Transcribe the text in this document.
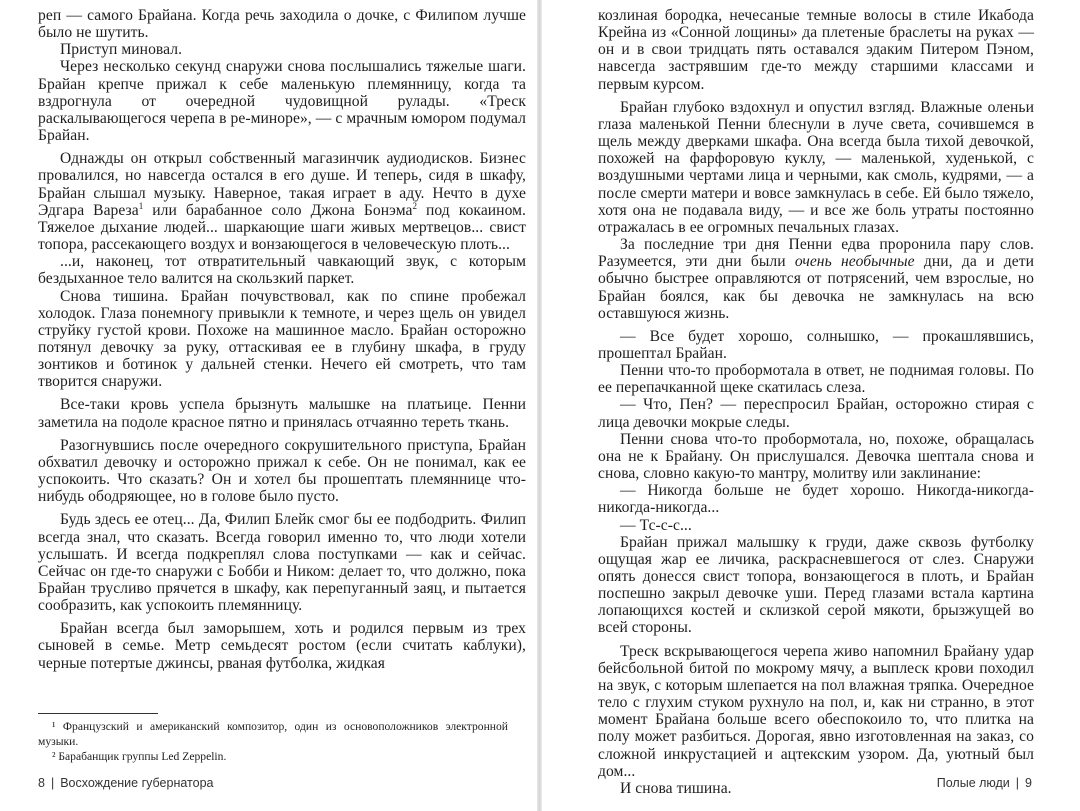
реп — самого Брайана. Когда речь заходила о дочке, с Филипом лучше было не шутить.

Приступ миновал.

Через несколько секунд снаружи снова послышались тяжелые шаги. Брайан крепче прижал к себе маленькую племянницу, когда та вздрогнула от очередной чудовищной рулады. «Треск раскалывающегося черепа в ре-миноре», — с мрачным юмором подумал Брайан.

Однажды он открыл собственный магазинчик аудиодисков. Бизнес провалился, но навсегда остался в его душе. И теперь, сидя в шкафу, Брайан слышал музыку. Наверное, такая играет в аду. Нечто в духе Эдгара Вареза$^1$ или барабанное соло Джона Бонэма$^2$ под кокаином. Тяжелое дыхание людей... шаркающие шаги живых мертвецов... свист топора, рассекающего воздух и вонзающегося в человеческую плоть...

...и, наконец, тот отвратительный чавкающий звук, с которым бездыханное тело валится на скользкий паркет.

Снова тишина. Брайан почувствовал, как по спине пробежал холодок. Глаза понемногу привыкли к темноте, и через щель он увидел струйку густой крови. Похоже на машинное масло. Брайан осторожно потянул девочку за руку, оттаскивая ее в глубину шкафа, в груду зонтиков и ботинок у дальней стенки. Нечего ей смотреть, что там творится снаружи.

Все-таки кровь успела брызнуть малышке на платьице. Пенни заметила на подоле красное пятно и принялась отчаянно тереть ткань.

Разогнувшись после очередного сокрушительного приступа, Брайан обхватил девочку и осторожно прижал к себе. Он не понимал, как ее успокоить. Что сказать? Он и хотел бы прошептать племяннице что-нибудь ободряющее, но в голове было пусто.

Будь здесь ее отец... Да, Филип Блейк смог бы ее подбодрить. Филип всегда знал, что сказать. Всегда говорил именно то, что люди хотели услышать. И всегда подкреплял слова поступками — как и сейчас. Сейчас он где-то снаружи с Бобби и Ником: делает то, что должно, пока Брайан трусливо прячется в шкафу, как перепуганный заяц, и пытается сообразить, как успокоить племянницу.

Брайан всегда был заморышем, хоть и родился первым из трех сыновей в семье. Метр семьдесят ростом (если считать каблуки), черные потертые джинсы, рваная футболка, жидкая

¹ Французский и американский композитор, один из основоположников электронной музыки.

² Барабанщик группы Led Zeppelin.

8 | Восхождение губернатора

козлиная бородка, нечесаные темные волосы в стиле Икабода Крейна из «Сонной лощины» да плетеные браслеты на руках — он и в свои тридцать пять оставался эдаким Питером Пэном, навсегда застрявшим где-то между старшими классами и первым курсом.

Брайан глубоко вздохнул и опустил взгляд. Влажные оленьи глаза маленькой Пенни блеснули в луче света, сочившемся в щель между дверками шкафа. Она всегда была тихой девочкой, похожей на фарфоровую куклу, — маленькой, худенькой, с воздушными чертами лица и черными, как смоль, кудрями, — а после смерти матери и вовсе замкнулась в себе. Ей было тяжело, хотя она не подавала виду, — и все же боль утраты постоянно отражалась в ее огромных печальных глазах.

За последние три дня Пенни едва проронила пару слов. Разумеется, эти дни были очень необычные дни, да и дети обычно быстрее оправляются от потрясений, чем взрослые, но Брайан боялся, как бы девочка не замкнулась на всю оставшуюся жизнь.

— Все будет хорошо, солнышко, — прокашлявшись, прошептал Брайан.

Пенни что-то пробормотала в ответ, не поднимая головы. По ее перепачканной щеке скатилась слеза.

— Что, Пен? — переспросил Брайан, осторожно стирая с лица девочки мокрые следы.

Пенни снова что-то пробормотала, но, похоже, обращалась она не к Брайану. Он прислушался. Девочка шептала снова и снова, словно какую-то мантру, молитву или заклинание:

— Никогда больше не будет хорошо. Никогда-никогда-никогда-никогда...

— Тс-с-с...

Брайан прижал малышку к груди, даже сквозь футболку ощущая жар ее личика, раскрасневшегося от слез. Снаружи опять донесся свист топора, вонзающегося в плоть, и Брайан поспешно закрыл девочке уши. Перед глазами встала картина лопающихся костей и склизкой серой мякоти, брызжущей во всей стороны.

Треск вскрывающегося черепа живо напомнил Брайану удар бейсбольной битой по мокрому мячу, а выплеск крови походил на звук, с которым шлепается на пол влажная тряпка. Очередное тело с глухим стуком рухнуло на пол, и, как ни странно, в этот момент Брайана больше всего обеспокоило то, что плитка на полу может разбиться. Дорогая, явно изготовленная на заказ, со сложной инкрустацией и ацтекским узором. Да, уютный был дом...

И снова тишина.	Полые люди | 9
